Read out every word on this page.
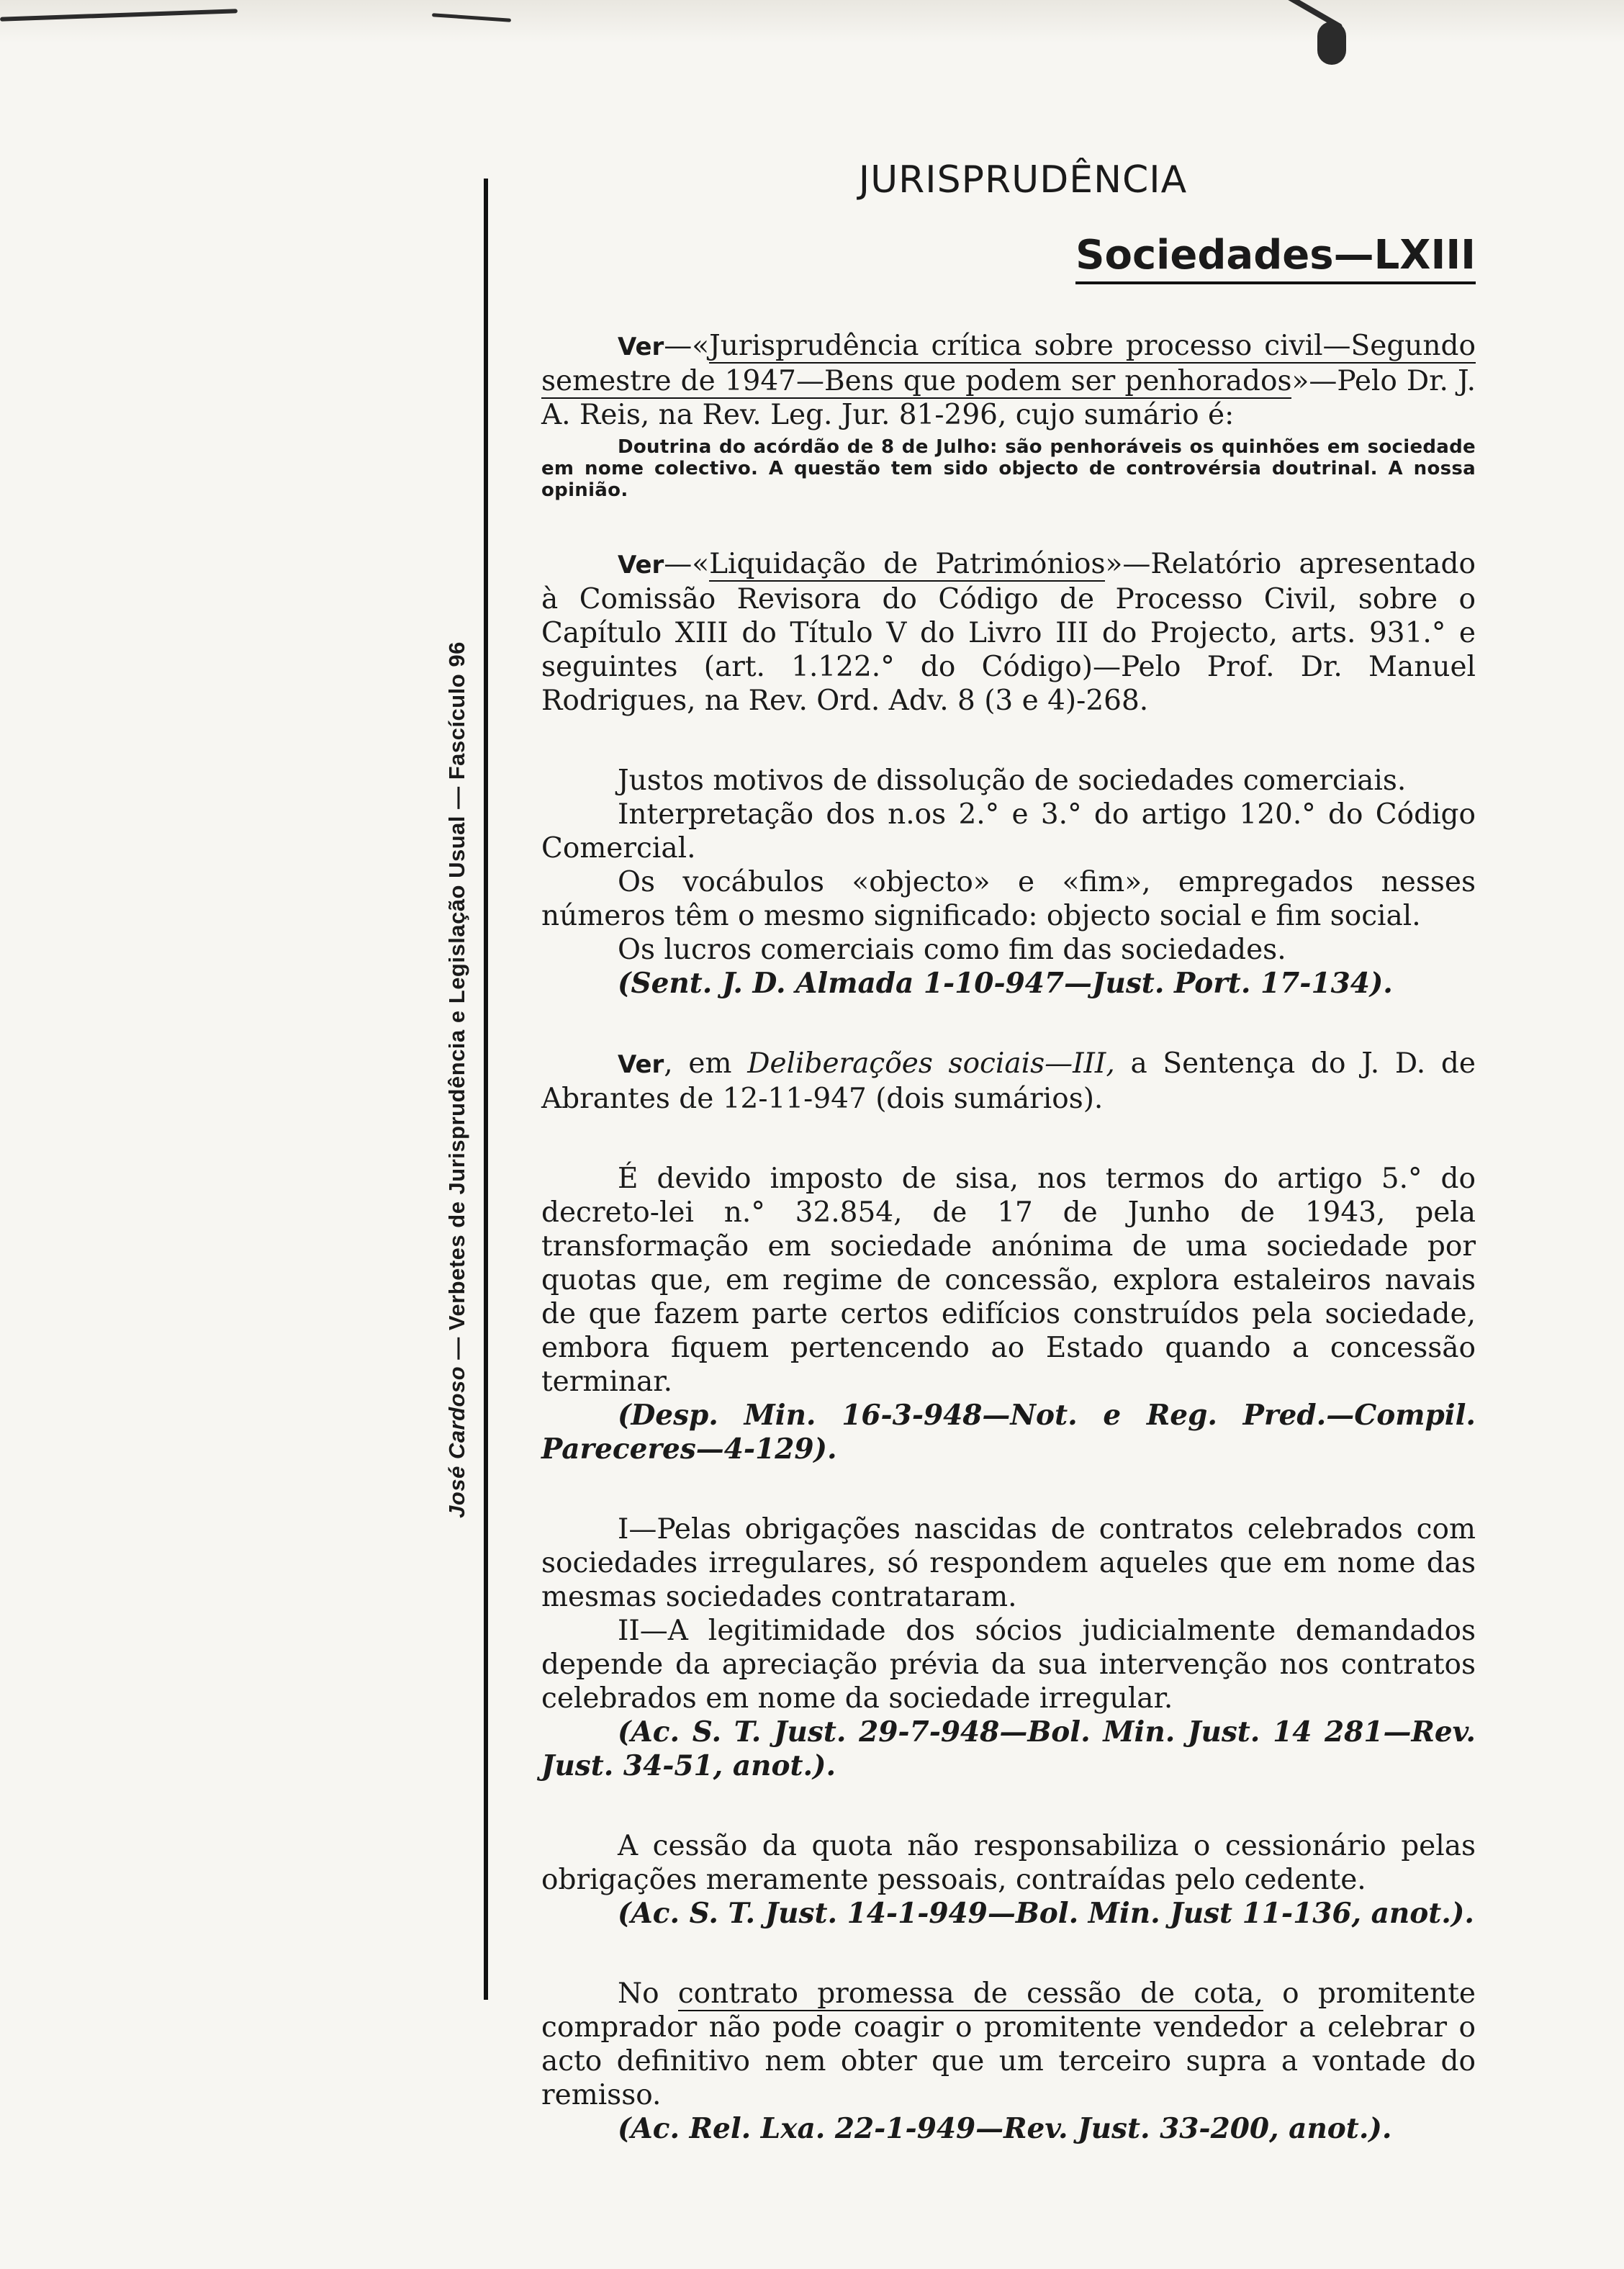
José Cardoso — Verbetes de Jurisprudência e Legislação Usual — Fascículo 96
JURISPRUDÊNCIA
Sociedades—LXIII

Ver—«Jurisprudência crítica sobre processo civil—Segundo semestre de 1947—Bens que podem ser penhorados»—Pelo Dr. J. A. Reis, na Rev. Leg. Jur. 81-296, cujo sumário é:

Doutrina do acórdão de 8 de Julho: são penhoráveis os quinhões em sociedade em nome colectivo. A questão tem sido objecto de controvérsia doutrinal. A nossa opinião.

Ver—«Liquidação de Patrimónios»—Relatório apresentado à Comissão Revisora do Código de Processo Civil, sobre o Capítulo XIII do Título V do Livro III do Projecto, arts. 931.° e seguintes (art. 1.122.° do Código)—Pelo Prof. Dr. Manuel Rodrigues, na Rev. Ord. Adv. 8 (3 e 4)-268.

Justos motivos de dissolução de sociedades comerciais.

Interpretação dos n.os 2.° e 3.° do artigo 120.° do Código Comercial.

Os vocábulos «objecto» e «fim», empregados nesses números têm o mesmo significado: objecto social e fim social.

Os lucros comerciais como fim das sociedades.

(Sent. J. D. Almada 1-10-947—Just. Port. 17-134).

Ver, em Deliberações sociais—III, a Sentença do J. D. de Abrantes de 12-11-947 (dois sumários).

É devido imposto de sisa, nos termos do artigo 5.° do decreto-lei n.° 32.854, de 17 de Junho de 1943, pela transformação em sociedade anónima de uma sociedade por quotas que, em regime de concessão, explora estaleiros navais de que fazem parte certos edifícios construídos pela sociedade, embora fiquem pertencendo ao Estado quando a concessão terminar.

(Desp. Min. 16-3-948—Not. e Reg. Pred.—Compil. Pareceres—4-129).

I—Pelas obrigações nascidas de contratos celebrados com sociedades irregulares, só respondem aqueles que em nome das mesmas sociedades contrataram.

II—A legitimidade dos sócios judicialmente demandados depende da apreciação prévia da sua intervenção nos contratos celebrados em nome da sociedade irregular.

(Ac. S. T. Just. 29-7-948—Bol. Min. Just. 14 281—Rev. Just. 34-51, anot.).

A cessão da quota não responsabiliza o cessionário pelas obrigações meramente pessoais, contraídas pelo cedente.

(Ac. S. T. Just. 14-1-949—Bol. Min. Just 11-136, anot.).

No contrato promessa de cessão de cota, o promitente comprador não pode coagir o promitente vendedor a celebrar o acto definitivo nem obter que um terceiro supra a vontade do remisso.

(Ac. Rel. Lxa. 22-1-949—Rev. Just. 33-200, anot.).
